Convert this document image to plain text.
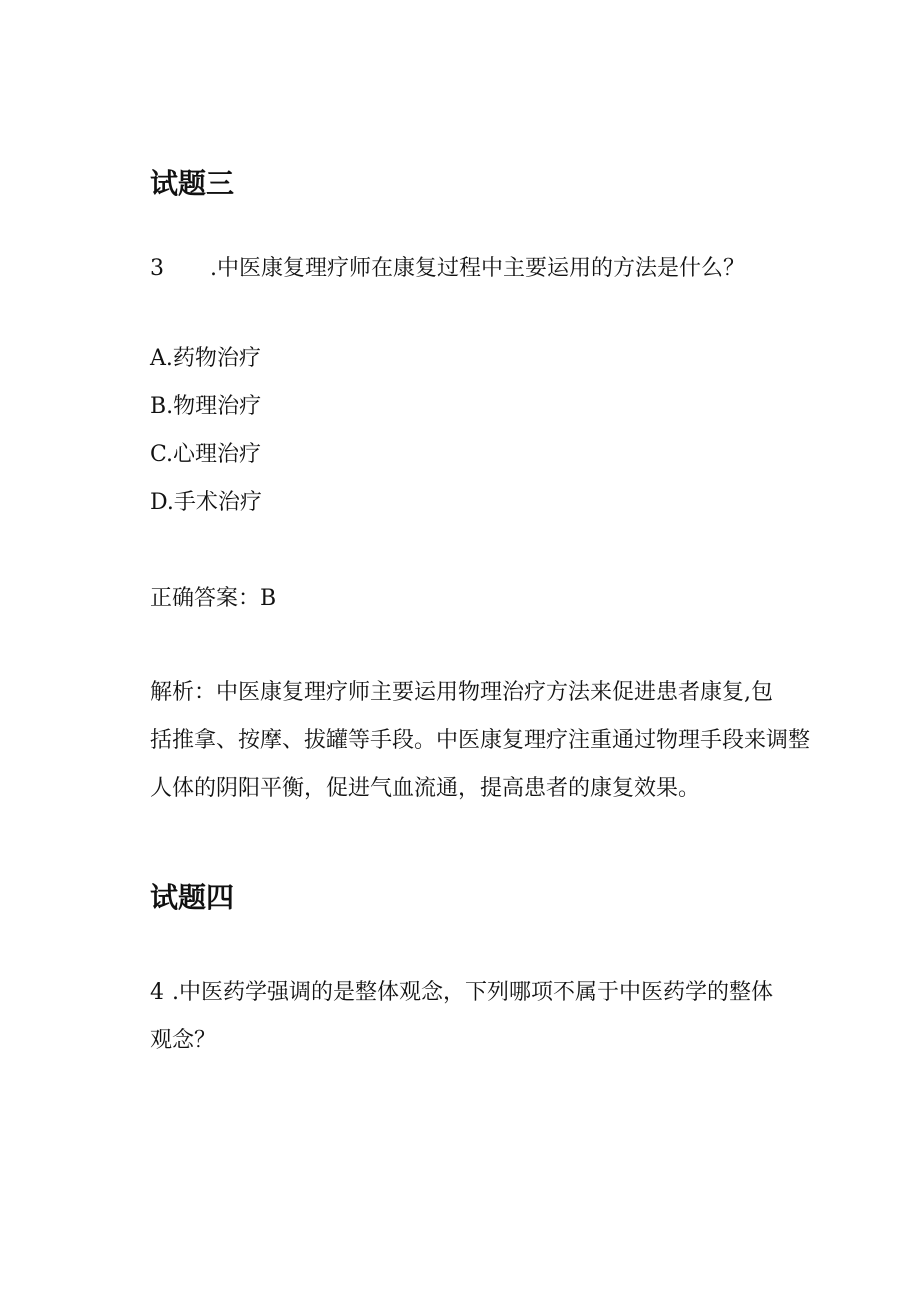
试题三
3 .中医康复理疗师在康复过程中主要运用的方法是什么？
A.药物治疗
B.物理治疗
C.心理治疗
D.手术治疗
正确答案：B
解析：中医康复理疗师主要运用物理治疗方法来促进患者康复,包
括推拿、按摩、拔罐等手段。中医康复理疗注重通过物理手段来调整
人体的阴阳平衡，促进气血流通，提高患者的康复效果。
试题四
4 .中医药学强调的是整体观念，下列哪项不属于中医药学的整体
观念？
